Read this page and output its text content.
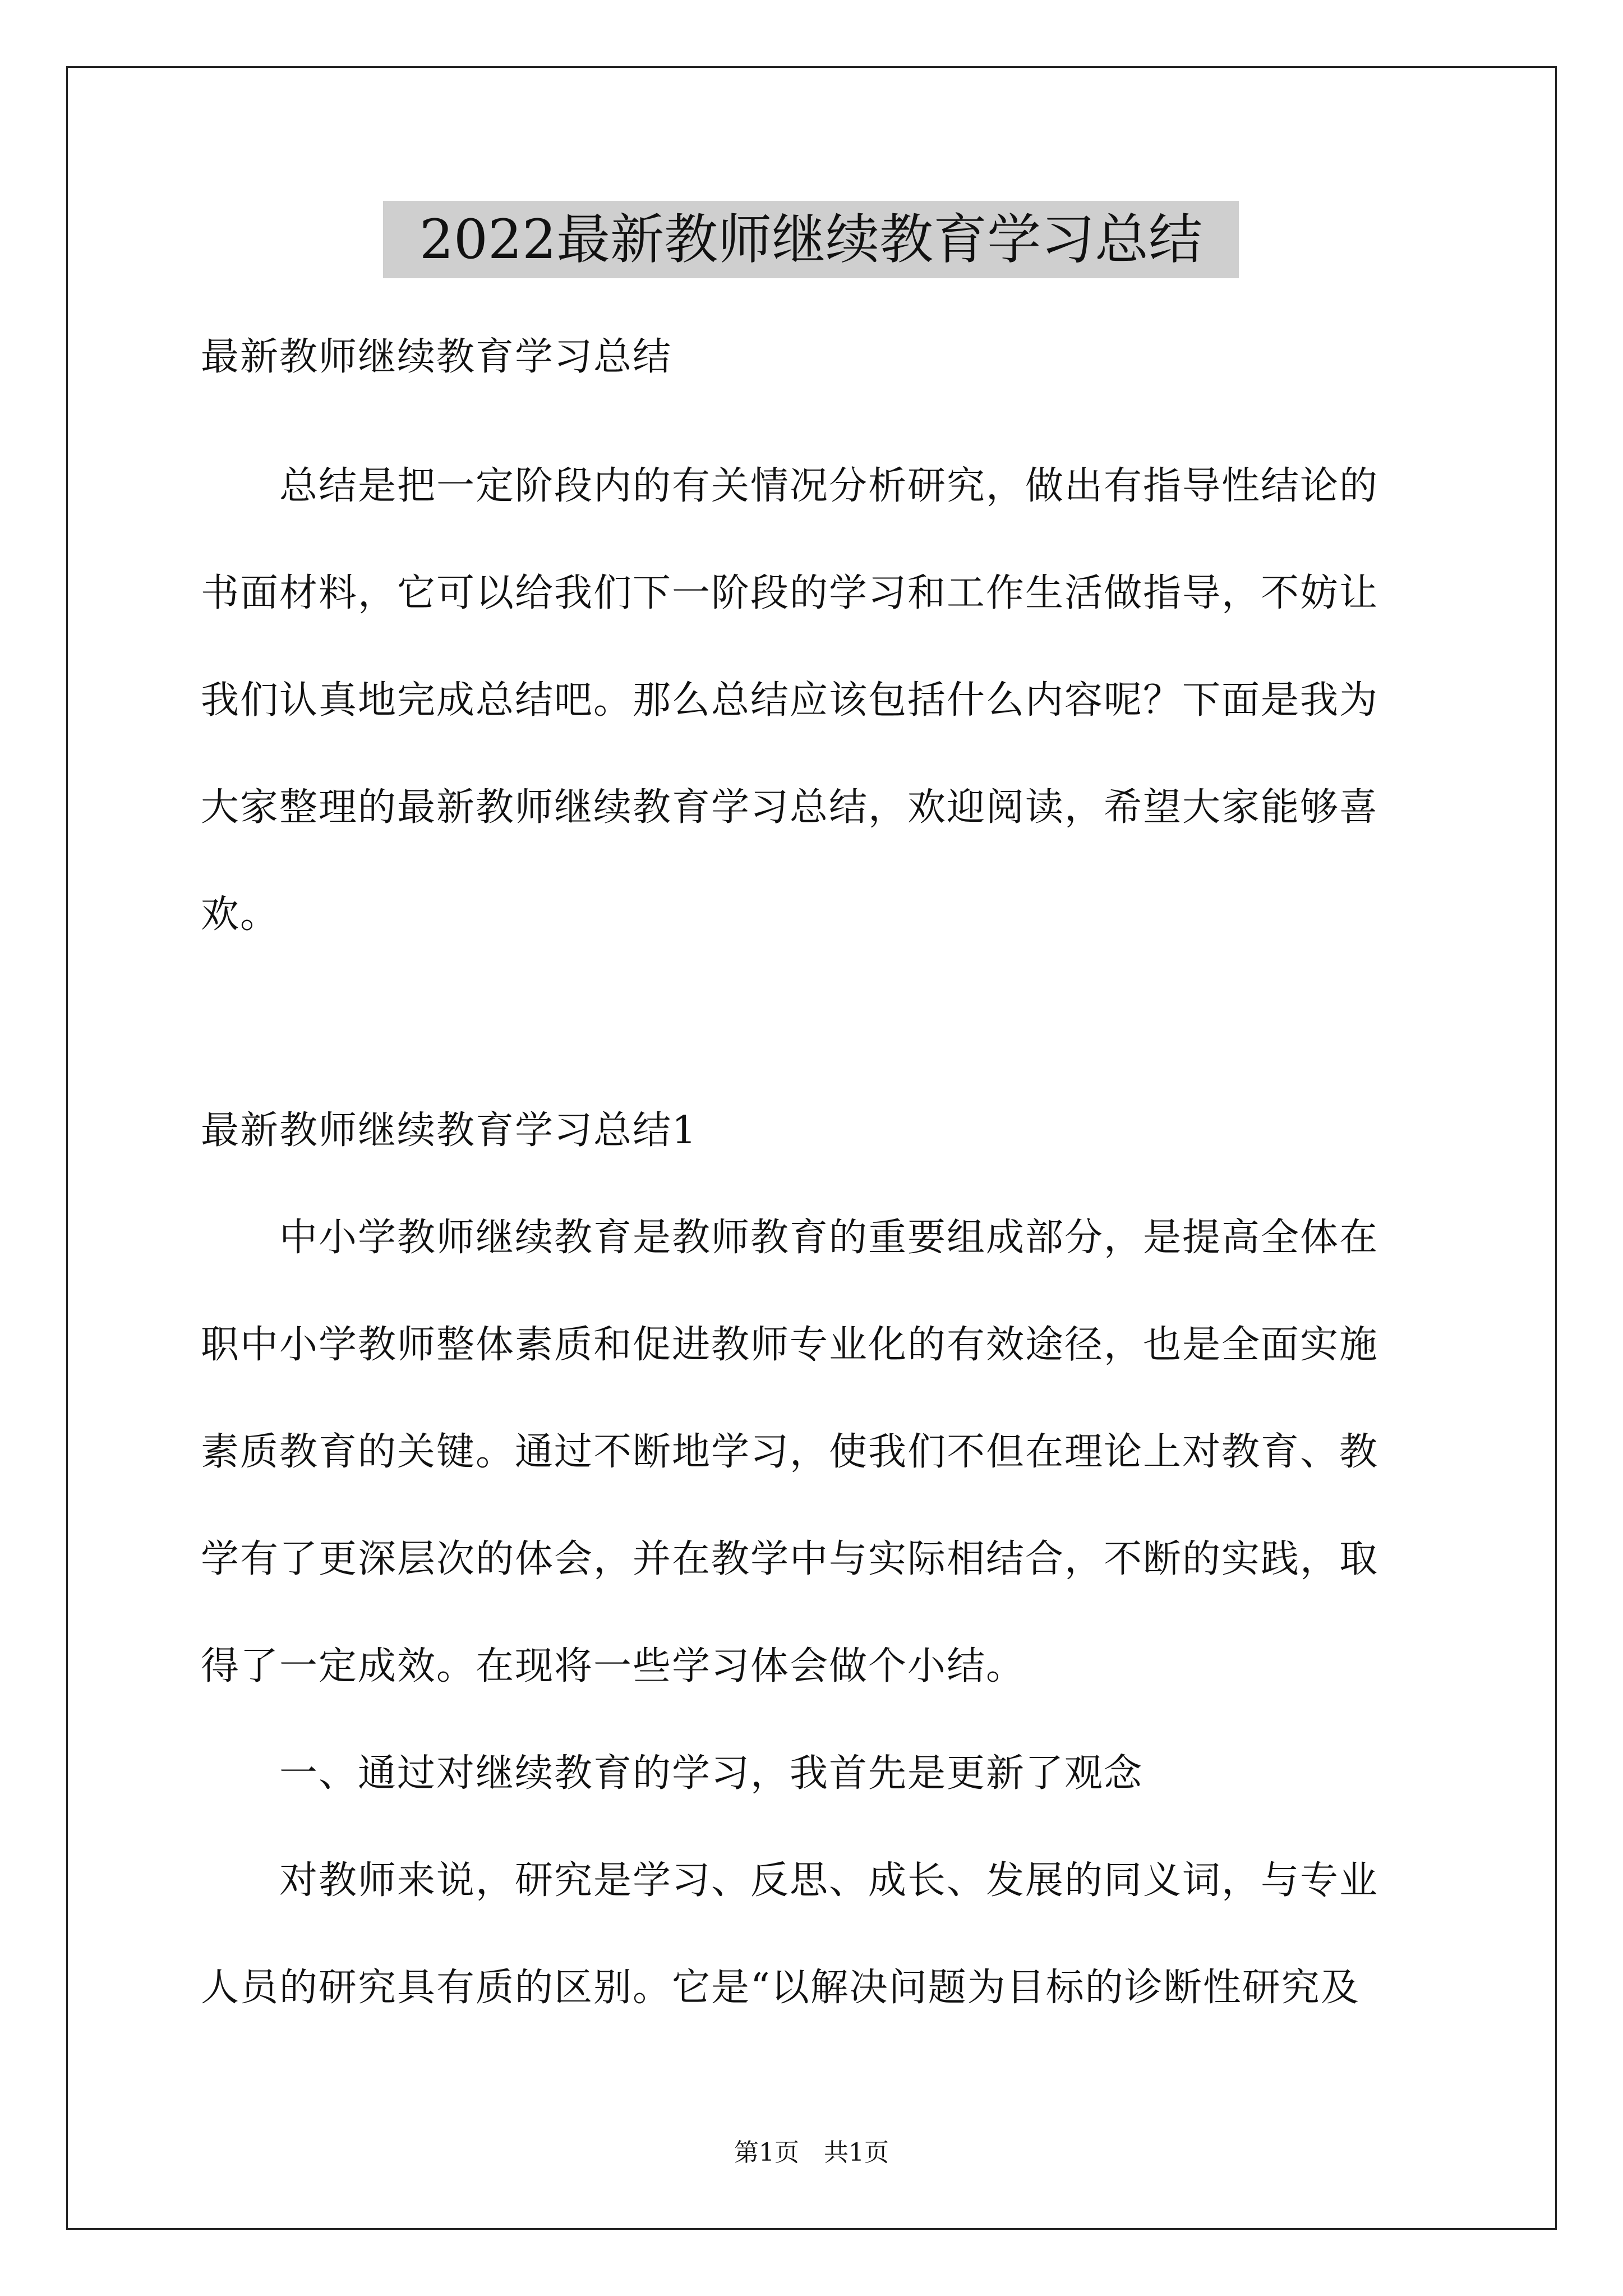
2022最新教师继续教育学习总结
最新教师继续教育学习总结
　　总结是把一定阶段内的有关情况分析研究，做出有指导性结论的
书面材料，它可以给我们下一阶段的学习和工作生活做指导，不妨让
我们认真地完成总结吧。那么总结应该包括什么内容呢？下面是我为
大家整理的最新教师继续教育学习总结，欢迎阅读，希望大家能够喜
欢。
最新教师继续教育学习总结1
　　中小学教师继续教育是教师教育的重要组成部分，是提高全体在
职中小学教师整体素质和促进教师专业化的有效途径，也是全面实施
素质教育的关键。通过不断地学习，使我们不但在理论上对教育、教
学有了更深层次的体会，并在教学中与实际相结合，不断的实践，取
得了一定成效。在现将一些学习体会做个小结。
　　一、通过对继续教育的学习，我首先是更新了观念
　　对教师来说，研究是学习、反思、成长、发展的同义词，与专业
人员的研究具有质的区别。它是“以解决问题为目标的诊断性研究及
第1页　共1页
